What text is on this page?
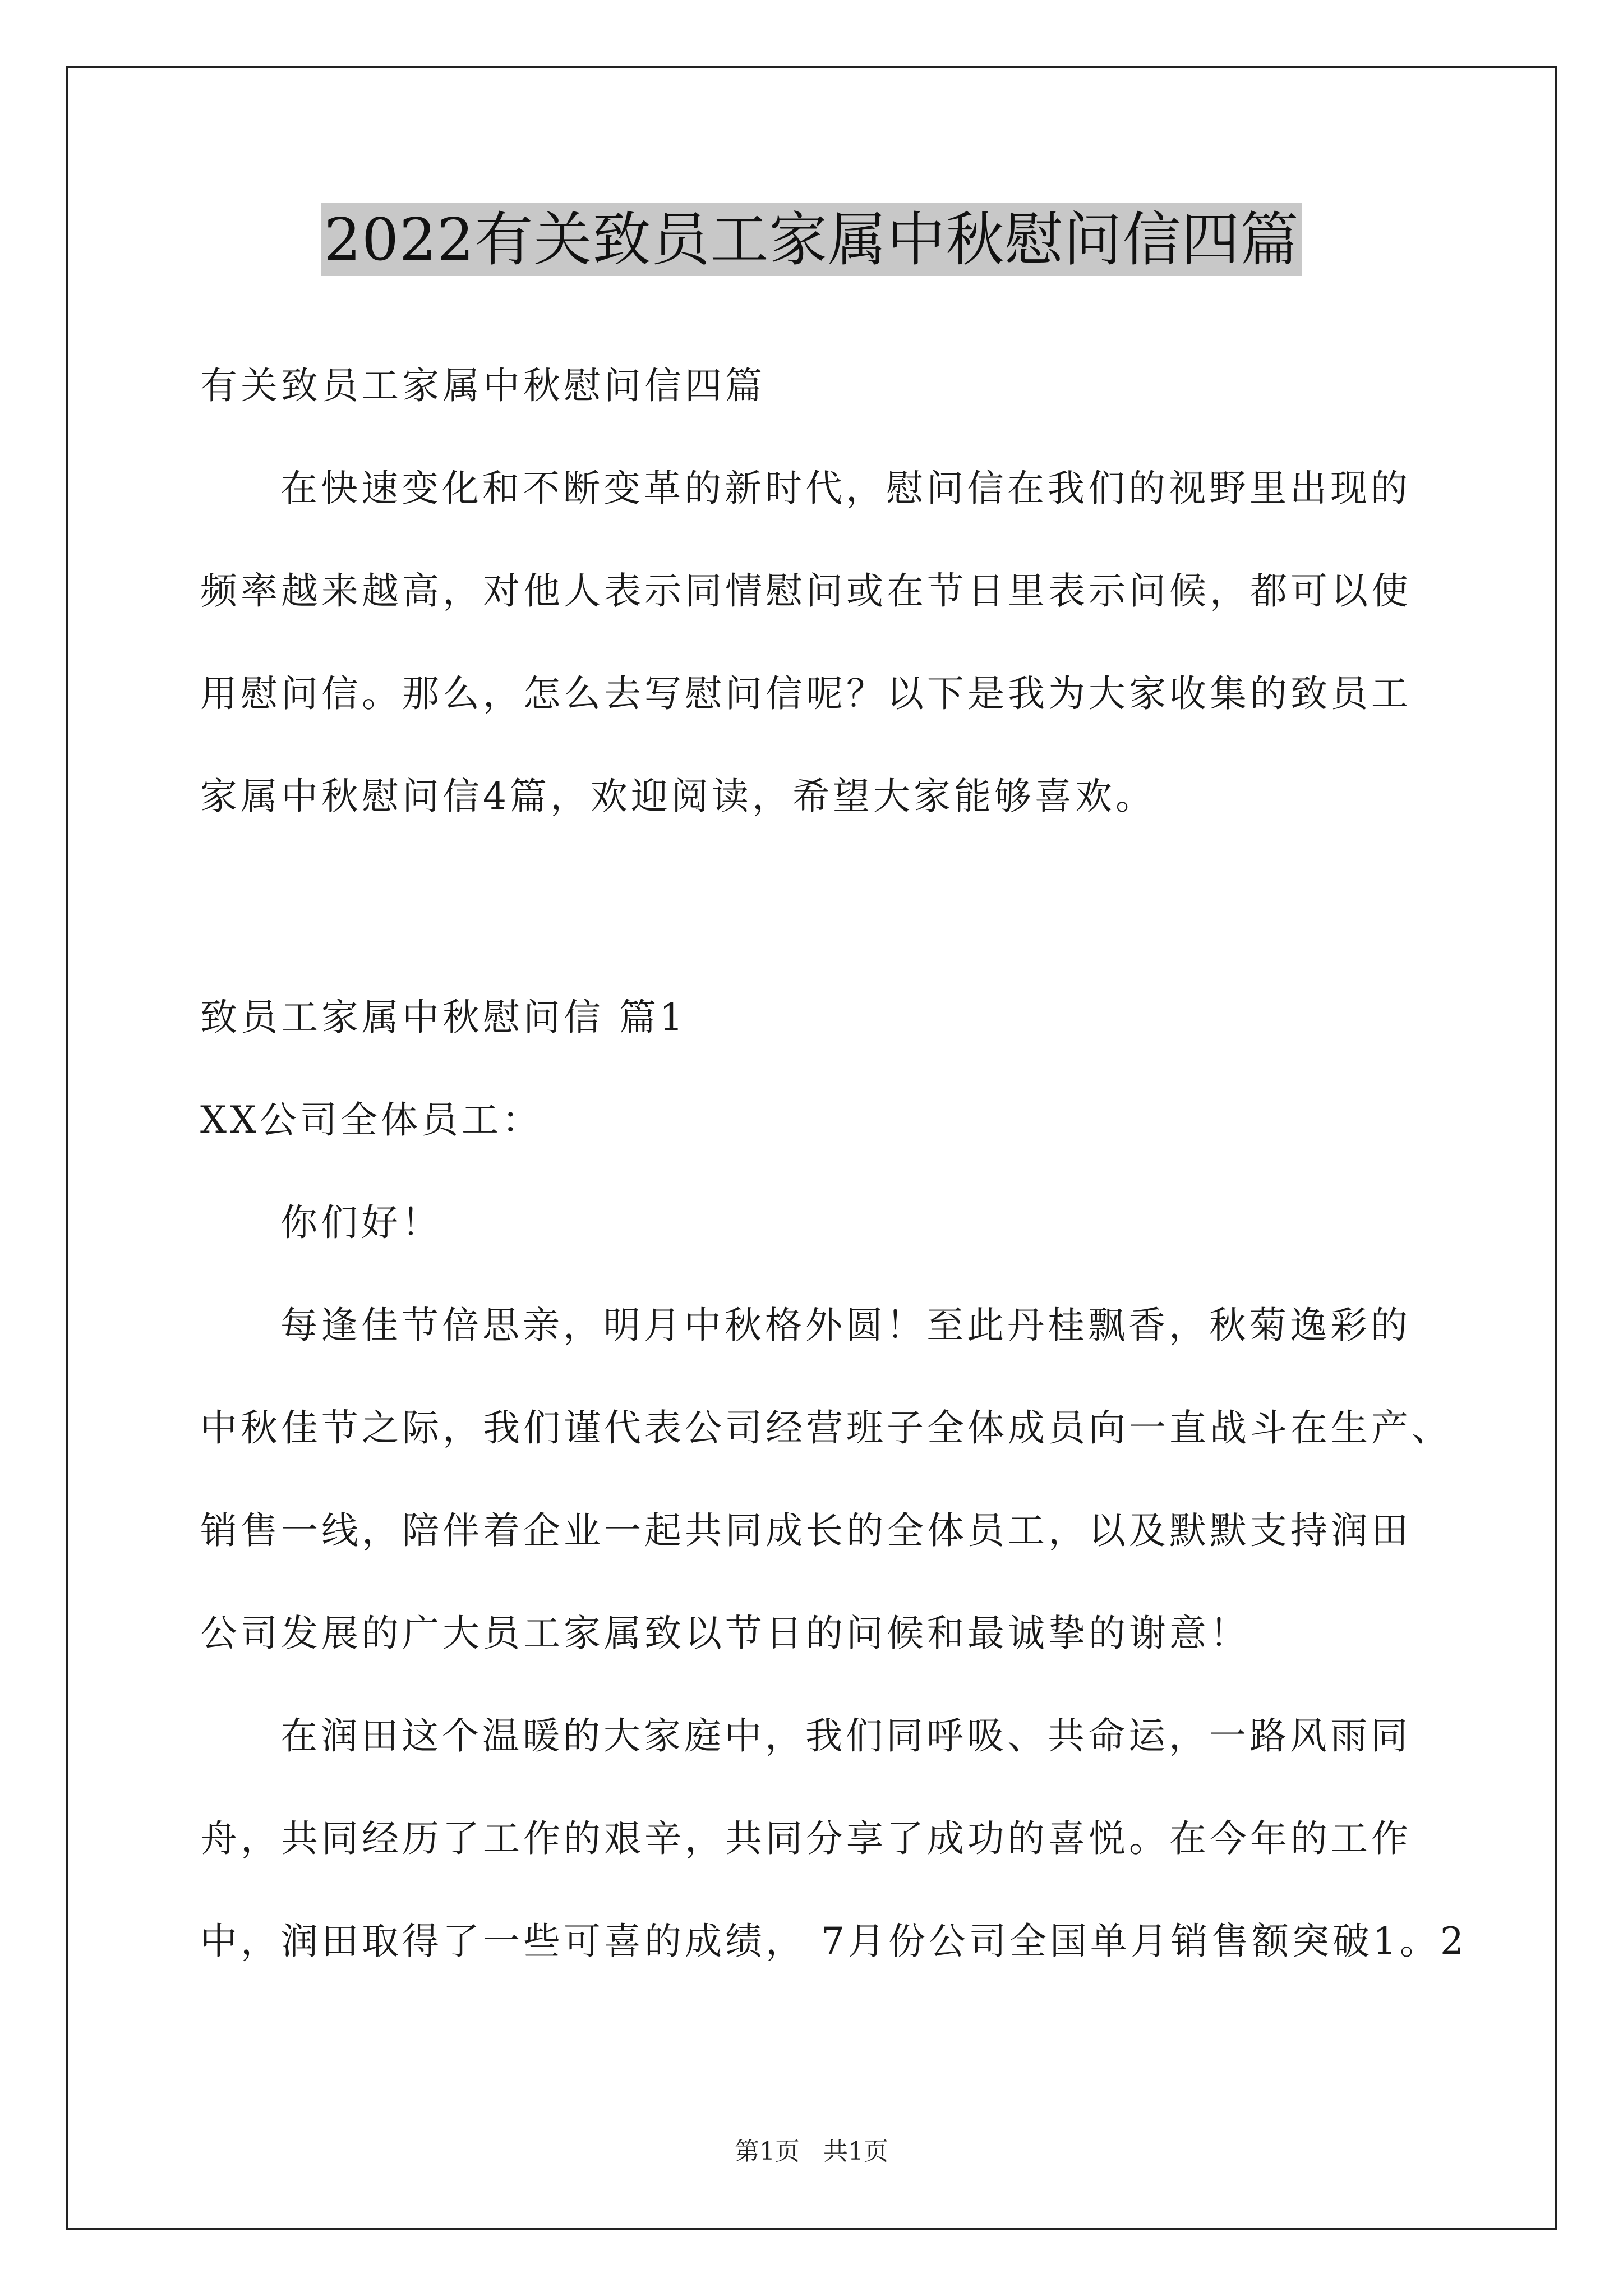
2022有关致员工家属中秋慰问信四篇
有关致员工家属中秋慰问信四篇
在快速变化和不断变革的新时代，慰问信在我们的视野里出现的
频率越来越高，对他人表示同情慰问或在节日里表示问候，都可以使
用慰问信。那么，怎么去写慰问信呢？以下是我为大家收集的致员工
家属中秋慰问信4篇，欢迎阅读，希望大家能够喜欢。
致员工家属中秋慰问信 篇1
XX公司全体员工：
你们好！
每逢佳节倍思亲，明月中秋格外圆！至此丹桂飘香，秋菊逸彩的
中秋佳节之际，我们谨代表公司经营班子全体成员向一直战斗在生产、
销售一线，陪伴着企业一起共同成长的全体员工，以及默默支持润田
公司发展的广大员工家属致以节日的问候和最诚挚的谢意！
在润田这个温暖的大家庭中，我们同呼吸、共命运，一路风雨同
舟，共同经历了工作的艰辛，共同分享了成功的喜悦。在今年的工作
中，润田取得了一些可喜的成绩， 7月份公司全国单月销售额突破1。2
第1页 共1页
